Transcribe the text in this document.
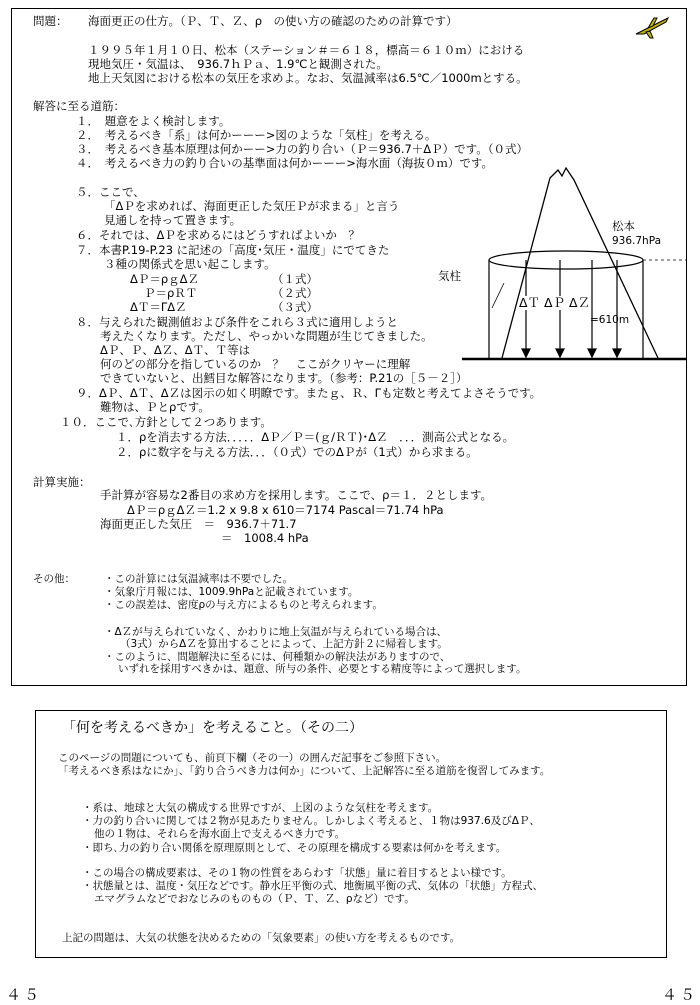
問題： 海面更正の仕方。（Ｐ、Ｔ、Ｚ、ρ　の使い方の確認のための計算です）
１９９５年１月１０日、松本（ステーション＃＝６１８，標高＝６１０ｍ）における
現地気圧・気温は、　936.7ｈＰａ、1.9℃と観測された。
地上天気図における松本の気圧を求めよ。なお、気温減率は6.5℃／1000mとする。
解答に至る道筋：
１．　題意をよく検討します。
２．　考えるべき「系」は何かーーー>図のような「気柱」を考える。
３．　考えるべき基本原理は何かーー>力の釣り合い（Ｐ＝936.7＋ΔＰ）です。（０式）
４．　考えるべき力の釣り合いの基準面は何かーーー>海水面（海抜０ｍ）です。
５．ここで、
「ΔＰを求めれば、海面更正した気圧Ｐが求まる」と言う
見通しを持って置きます。
６．それでは、ΔＰを求めるにはどうすればよいか　？
７．本書P.19-P.23 に記述の「高度･気圧・温度」にでてきた
３種の関係式を思い起こします。
ΔＰ＝ρｇΔＺ	（１式）
Ｐ＝ρＲＴ	（２式）
ΔＴ＝ΓΔＺ	（３式）
８．与えられた観測値および条件をこれら３式に適用しようと
考えたくなります。ただし、やっかいな問題が生じてきました。
ΔＰ、Ｐ、ΔＺ、ΔＴ、Ｔ等は
何のどの部分を指しているのか　？　ここがクリヤーに理解
できていないと、出鱈目な解答になります。（参考：P.21の［５－２］）
９．ΔＰ、ΔＴ、ΔＺは図示の如く明瞭です。またｇ、Ｒ、Γも定数と考えてよさそうです。
難物は、Ｐとρです。
１０．ここで､方針として２つあります。
１．ρを消去する方法．．．．．ΔＰ／Ｐ＝(ｇ/ＲＴ)･ΔＺ　．．．測高公式となる。
２．ρに数字を与える方法．．．（０式）でのΔＰが（1式）から求まる。
松本
936.7hPa
気柱
ΔＴ ΔＰ ΔＺ
=610m
計算実施：
手計算が容易な2番目の求め方を採用します。ここで、ρ＝１．２とします。
ΔＰ＝ρｇΔＺ＝1.2 x 9.8 x 610＝7174 Pascal＝71.74 hPa
海面更正した気圧　＝　936.7＋71.7
＝　1008.4 hPa
その他：	・この計算には気温減率は不要でした。
・気象庁月報には、1009.9hPaと記載されています。
・この誤差は、密度ρの与え方によるものと考えられます。
・ΔＺが与えられていなく、かわりに地上気温が与えられている場合は、
（3式）からΔＺを算出することによって、上記方針２に帰着します。
・このように、問題解決に至るには、何種類かの解決法がありますので、
いずれを採用すべきかは、題意、所与の条件、必要とする精度等によって選択します。
「何を考えるべきか」を考えること。（その二）
このページの問題についても、前頁下欄（その一）の囲んだ記事をご参照下さい。
「考えるべき系はなにか」、「釣り合うべき力は何か」について、上記解答に至る道筋を復習してみます。
・系は、地球と大気の構成する世界ですが、上図のような気柱を考えます。
・力の釣り合いに関しては２物が見あたりません。しかしよく考えると、１物は937.6及びΔＰ、
他の１物は、それらを海水面上で支えるべき力です。
・即ち､力の釣り合い関係を原理原則として、その原理を構成する要素は何かを考えます。
・この場合の構成要素は、その１物の性質をあらわす「状態」量に着目するとよい様です。
・状態量とは、温度・気圧などです。静水圧平衡の式、地衡風平衡の式、気体の「状態」方程式、
エマグラムなどでおなじみのものもの（Ｐ、Ｔ、Ｚ、ρなど）です。
上記の問題は、大気の状態を決めるための「気象要素」の使い方を考えるものです。
４５	４５
